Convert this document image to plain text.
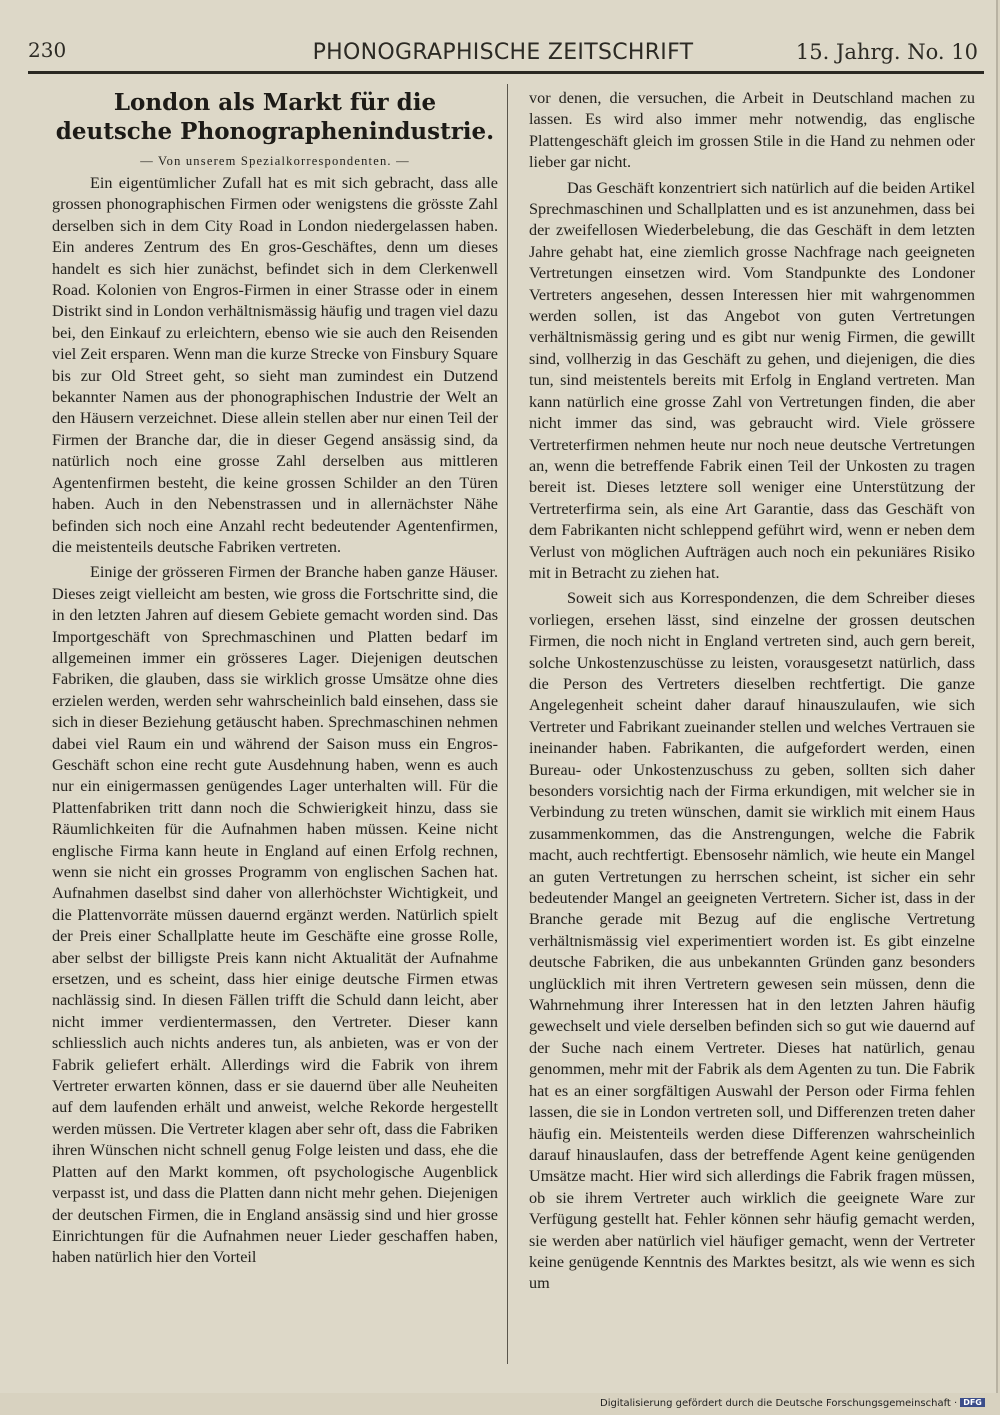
230	PHONOGRAPHISCHE ZEITSCHRIFT	15. Jahrg. No. 10
London als Markt für die deutsche Phonographenindustrie.
— Von unserem Spezialkorrespondenten. —

Ein eigentümlicher Zufall hat es mit sich gebracht, dass alle grossen phonographischen Firmen oder wenigstens die grösste Zahl derselben sich in dem City Road in London niedergelassen haben. Ein anderes Zentrum des En gros-Geschäftes, denn um dieses handelt es sich hier zunächst, befindet sich in dem Clerkenwell Road. Kolonien von Engros-Firmen in einer Strasse oder in einem Distrikt sind in London verhältnismässig häufig und tragen viel dazu bei, den Einkauf zu erleichtern, ebenso wie sie auch den Reisenden viel Zeit ersparen. Wenn man die kurze Strecke von Finsbury Square bis zur Old Street geht, so sieht man zumindest ein Dutzend bekannter Namen aus der phonographischen Industrie der Welt an den Häusern verzeichnet. Diese allein stellen aber nur einen Teil der Firmen der Branche dar, die in dieser Gegend ansässig sind, da natürlich noch eine grosse Zahl derselben aus mittleren Agentenfirmen besteht, die keine grossen Schilder an den Türen haben. Auch in den Nebenstrassen und in allernächster Nähe befinden sich noch eine Anzahl recht bedeutender Agentenfirmen, die meistenteils deutsche Fabriken vertreten.

Einige der grösseren Firmen der Branche haben ganze Häuser. Dieses zeigt vielleicht am besten, wie gross die Fortschritte sind, die in den letzten Jahren auf diesem Gebiete gemacht worden sind. Das Importgeschäft von Sprechmaschinen und Platten bedarf im allgemeinen immer ein grösseres Lager. Diejenigen deutschen Fabriken, die glauben, dass sie wirklich grosse Umsätze ohne dies erzielen werden, werden sehr wahrscheinlich bald einsehen, dass sie sich in dieser Beziehung getäuscht haben. Sprechmaschinen nehmen dabei viel Raum ein und während der Saison muss ein Engros-Geschäft schon eine recht gute Ausdehnung haben, wenn es auch nur ein einigermassen genügendes Lager unterhalten will. Für die Plattenfabriken tritt dann noch die Schwierigkeit hinzu, dass sie Räumlichkeiten für die Aufnahmen haben müssen. Keine nicht englische Firma kann heute in England auf einen Erfolg rechnen, wenn sie nicht ein grosses Programm von englischen Sachen hat. Aufnahmen daselbst sind daher von allerhöchster Wichtigkeit, und die Plattenvorräte müssen dauernd ergänzt werden. Natürlich spielt der Preis einer Schallplatte heute im Geschäfte eine grosse Rolle, aber selbst der billigste Preis kann nicht Aktualität der Aufnahme ersetzen, und es scheint, dass hier einige deutsche Firmen etwas nachlässig sind. In diesen Fällen trifft die Schuld dann leicht, aber nicht immer verdientermassen, den Vertreter. Dieser kann schliesslich auch nichts anderes tun, als anbieten, was er von der Fabrik geliefert erhält. Allerdings wird die Fabrik von ihrem Vertreter erwarten können, dass er sie dauernd über alle Neuheiten auf dem laufenden erhält und anweist, welche Rekorde hergestellt werden müssen. Die Vertreter klagen aber sehr oft, dass die Fabriken ihren Wünschen nicht schnell genug Folge leisten und dass, ehe die Platten auf den Markt kommen, oft psychologische Augenblick verpasst ist, und dass die Platten dann nicht mehr gehen. Diejenigen der deutschen Firmen, die in England ansässig sind und hier grosse Einrichtungen für die Aufnahmen neuer Lieder geschaffen haben, haben natürlich hier den Vorteil

vor denen, die versuchen, die Arbeit in Deutschland machen zu lassen. Es wird also immer mehr notwendig, das englische Plattengeschäft gleich im grossen Stile in die Hand zu nehmen oder lieber gar nicht.

Das Geschäft konzentriert sich natürlich auf die beiden Artikel Sprechmaschinen und Schallplatten und es ist anzunehmen, dass bei der zweifellosen Wiederbelebung, die das Geschäft in dem letzten Jahre gehabt hat, eine ziemlich grosse Nachfrage nach geeigneten Vertretungen einsetzen wird. Vom Standpunkte des Londoner Vertreters angesehen, dessen Interessen hier mit wahrgenommen werden sollen, ist das Angebot von guten Vertretungen verhältnismässig gering und es gibt nur wenig Firmen, die gewillt sind, vollherzig in das Geschäft zu gehen, und diejenigen, die dies tun, sind meistentels bereits mit Erfolg in England vertreten. Man kann natürlich eine grosse Zahl von Vertretungen finden, die aber nicht immer das sind, was gebraucht wird. Viele grössere Vertreterfirmen nehmen heute nur noch neue deutsche Vertretungen an, wenn die betreffende Fabrik einen Teil der Unkosten zu tragen bereit ist. Dieses letztere soll weniger eine Unterstützung der Vertreterfirma sein, als eine Art Garantie, dass das Geschäft von dem Fabrikanten nicht schleppend geführt wird, wenn er neben dem Verlust von möglichen Aufträgen auch noch ein pekuniäres Risiko mit in Betracht zu ziehen hat.

Soweit sich aus Korrespondenzen, die dem Schreiber dieses vorliegen, ersehen lässt, sind einzelne der grossen deutschen Firmen, die noch nicht in England vertreten sind, auch gern bereit, solche Unkostenzuschüsse zu leisten, vorausgesetzt natürlich, dass die Person des Vertreters dieselben rechtfertigt. Die ganze Angelegenheit scheint daher darauf hinauszulaufen, wie sich Vertreter und Fabrikant zueinander stellen und welches Vertrauen sie ineinander haben. Fabrikanten, die aufgefordert werden, einen Bureau- oder Unkostenzuschuss zu geben, sollten sich daher besonders vorsichtig nach der Firma erkundigen, mit welcher sie in Verbindung zu treten wünschen, damit sie wirklich mit einem Haus zusammenkommen, das die Anstrengungen, welche die Fabrik macht, auch rechtfertigt. Ebensosehr nämlich, wie heute ein Mangel an guten Vertretungen zu herrschen scheint, ist sicher ein sehr bedeutender Mangel an geeigneten Vertretern. Sicher ist, dass in der Branche gerade mit Bezug auf die englische Vertretung verhältnismässig viel experimentiert worden ist. Es gibt einzelne deutsche Fabriken, die aus unbekannten Gründen ganz besonders unglücklich mit ihren Vertretern gewesen sein müssen, denn die Wahrnehmung ihrer Interessen hat in den letzten Jahren häufig gewechselt und viele derselben befinden sich so gut wie dauernd auf der Suche nach einem Vertreter. Dieses hat natürlich, genau genommen, mehr mit der Fabrik als dem Agenten zu tun. Die Fabrik hat es an einer sorgfältigen Auswahl der Person oder Firma fehlen lassen, die sie in London vertreten soll, und Differenzen treten daher häufig ein. Meistenteils werden diese Differenzen wahrscheinlich darauf hinauslaufen, dass der betreffende Agent keine genügenden Umsätze macht. Hier wird sich allerdings die Fabrik fragen müssen, ob sie ihrem Vertreter auch wirklich die geeignete Ware zur Verfügung gestellt hat. Fehler können sehr häufig gemacht werden, sie werden aber natürlich viel häufiger gemacht, wenn der Vertreter keine genügende Kenntnis des Marktes besitzt, als wie wenn es sich um

Digitalisierung gefördert durch die Deutsche Forschungsgemeinschaft · DFG
